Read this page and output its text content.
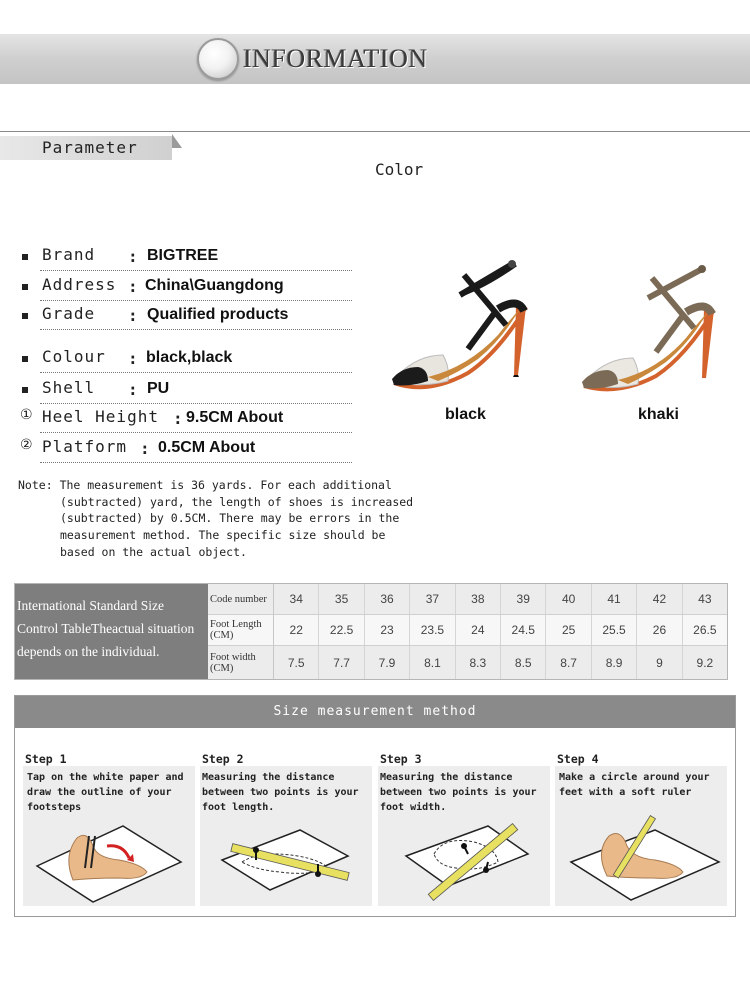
INFORMATION
Parameter
Color
Brand : BIGTREE
Address : China\Guangdong
Grade : Qualified products
Colour : black,black
Shell : PU
① Heel Height : 9.5CM About
② Platform : 0.5CM About
black	khaki
Note: The measurement is 36 yards. For each additional
(subtracted) yard, the length of shoes is increased
(subtracted) by 0.5CM. There may be errors in the
measurement method. The specific size should be
based on the actual object.
International Standard Size
Control TableTheactual situation
depends on the individual.
Code number	34	35	36	37	38	39	40	41	42	43
Foot Length (CM)	22	22.5	23	23.5	24	24.5	25	25.5	26	26.5
Foot width (CM)	7.5	7.7	7.9	8.1	8.3	8.5	8.7	8.9	9	9.2
Size measurement method
Step 1
Tap on the white paper and draw the outline of your footsteps
Step 2
Measuring the distance between two points is your foot length.
Step 3
Measuring the distance between two points is your foot width.
Step 4
Make a circle around your feet with a soft ruler
